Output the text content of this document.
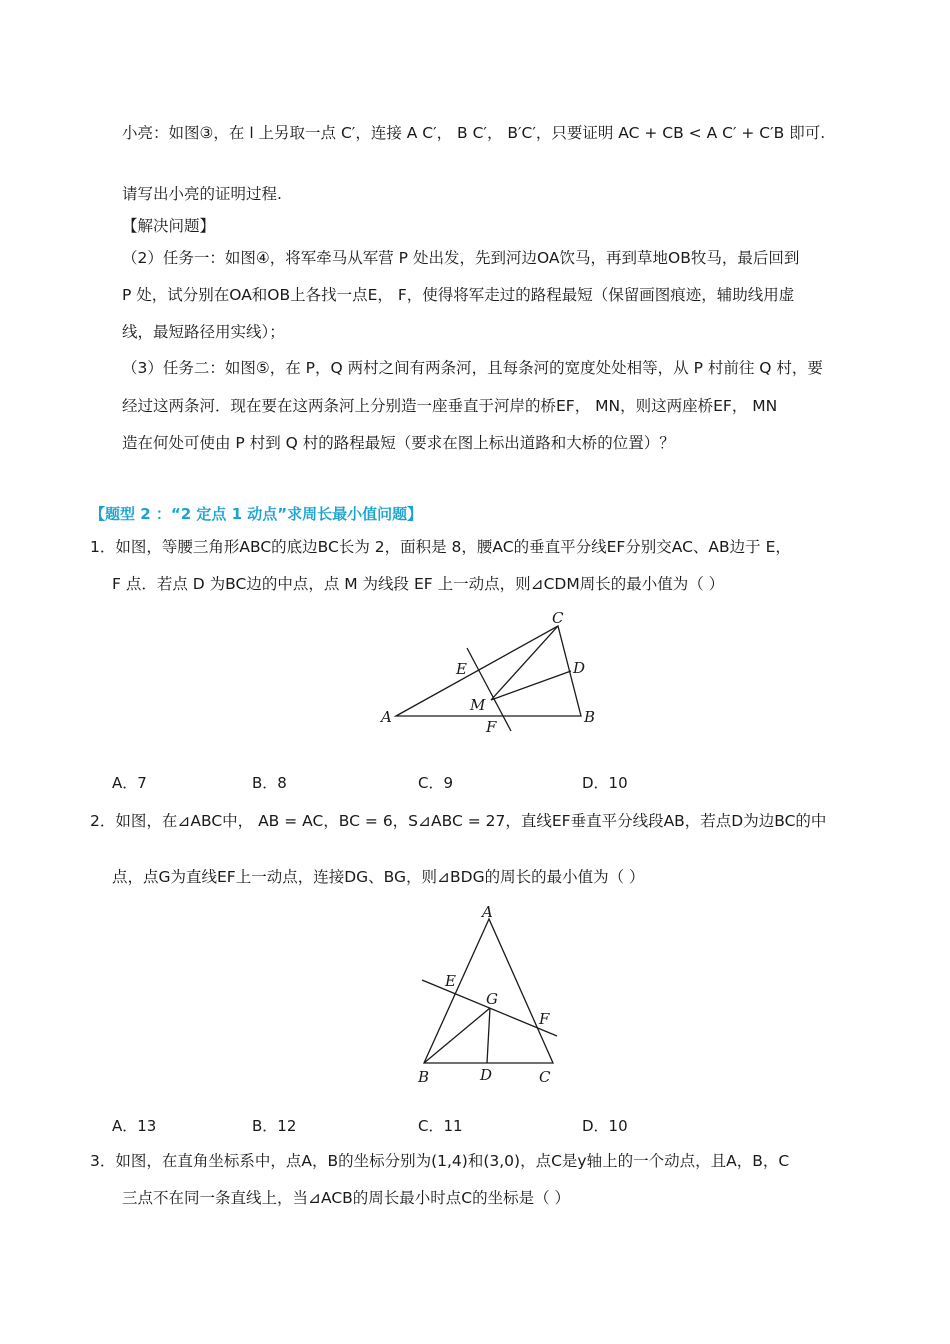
小亮：如图③，在 l 上另取一点 C′，连接 A C′， B C′， B′C′，只要证明 AC + CB < A C′ + C′B 即可.
请写出小亮的证明过程.
【解决问题】
（2）任务一：如图④，将军牵马从军营 P 处出发，先到河边OA饮马，再到草地OB牧马，最后回到
P 处，试分别在OA和OB上各找一点E， F，使得将军走过的路程最短（保留画图痕迹，辅助线用虚
线，最短路径用实线）；
（3）任务二：如图⑤，在 P，Q 两村之间有两条河，且每条河的宽度处处相等，从 P 村前往 Q 村，要
经过这两条河．现在要在这两条河上分别造一座垂直于河岸的桥EF， MN，则这两座桥EF， MN
造在何处可使由 P 村到 Q 村的路程最短（要求在图上标出道路和大桥的位置）？
【题型 2 ：“2 定点 1 动点”求周长最小值问题】
1．如图，等腰三角形ABC的底边BC长为 2，面积是 8，腰AC的垂直平分线EF分别交AC、AB边于 E，
F 点．若点 D 为BC边的中点，点 M 为线段 EF 上一动点，则⊿CDM周长的最小值为（ ）
C
D
E
M
A	B
F
A．7	B．8	C．9	D．10
2．如图，在⊿ABC中， AB = AC，BC = 6，S⊿ABC = 27，直线EF垂直平分线段AB，若点D为边BC的中
点，点G为直线EF上一动点，连接DG、BG，则⊿BDG的周长的最小值为（ ）
A
E
G
F
B	D	C
A．13	B．12	C．11	D．10
3．如图，在直角坐标系中，点A，B的坐标分别为(1,4)和(3,0)，点C是y轴上的一个动点，且A，B，C
三点不在同一条直线上，当⊿ACB的周长最小时点C的坐标是（ ）
